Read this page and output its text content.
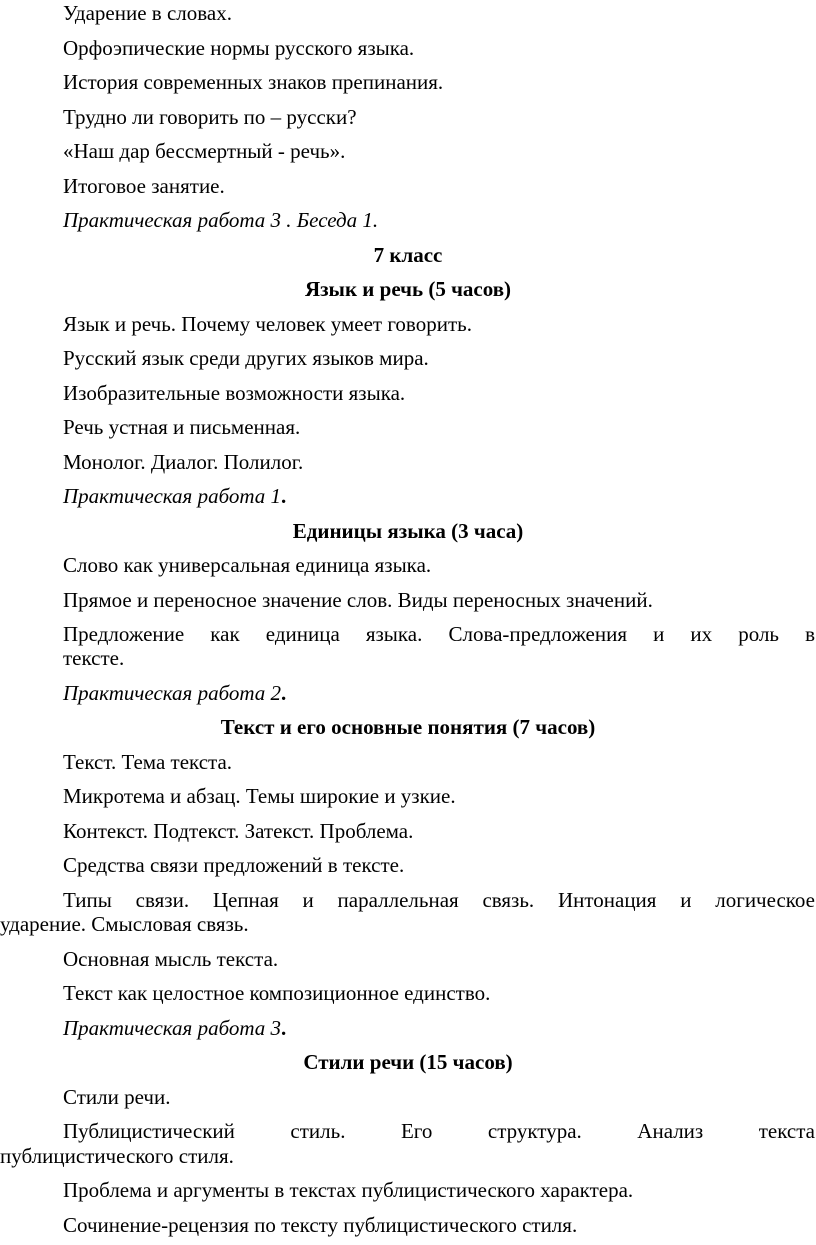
Ударение в словах.
Орфоэпические нормы русского языка.
История современных знаков препинания.
Трудно ли говорить по – русски?
«Наш дар бессмертный - речь».
Итоговое занятие.
Практическая работа 3 . Беседа 1.
7 класс
Язык и речь (5 часов)
Язык и речь. Почему человек умеет говорить.
Русский язык среди других языков мира.
Изобразительные возможности языка.
Речь устная и письменная.
Монолог. Диалог. Полилог.
Практическая работа 1.
Единицы языка (3 часа)
Слово как универсальная единица языка.
Прямое и переносное значение слов. Виды переносных значений.
Предложение как единица языка. Слова-предложения и их роль в
тексте.
Практическая работа 2.
Текст и его основные понятия (7 часов)
Текст. Тема текста.
Микротема и абзац. Темы широкие и узкие.
Контекст. Подтекст. Затекст. Проблема.
Средства связи предложений в тексте.
Типы связи. Цепная и параллельная связь. Интонация и логическое
ударение. Смысловая связь.
Основная мысль текста.
Текст как целостное композиционное единство.
Практическая работа 3.
Стили речи (15 часов)
Стили речи.
Публицистический стиль. Его структура. Анализ текста
публицистического стиля.
Проблема и аргументы в текстах публицистического характера.
Сочинение-рецензия по тексту публицистического стиля.
